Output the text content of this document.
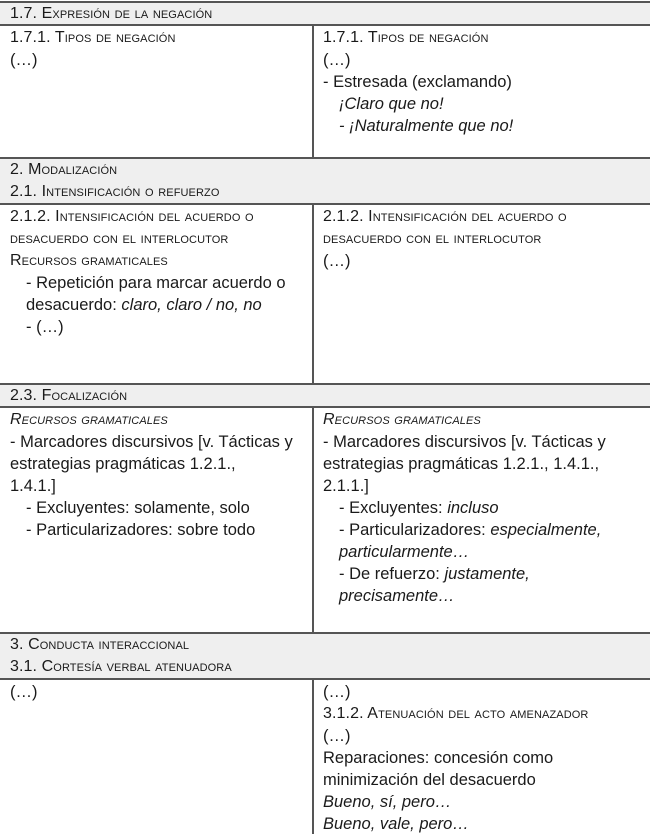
1.7. Expresión de la negación
1.7.1. Tipos de negación
(…)
1.7.1. Tipos de negación
(…)
- Estresada (exclamando)
¡Claro que no!
- ¡Naturalmente que no!
2. Modalización
2.1. Intensificación o refuerzo
2.1.2. Intensificación del acuerdo o
desacuerdo con el interlocutor
Recursos gramaticales
- Repetición para marcar acuerdo o
desacuerdo: claro, claro / no, no
- (…)
2.1.2. Intensificación del acuerdo o
desacuerdo con el interlocutor
(…)
2.3. Focalización
Recursos gramaticales
- Marcadores discursivos [v. Tácticas y
estrategias pragmáticas 1.2.1.,
1.4.1.]
- Excluyentes: solamente, solo
- Particularizadores: sobre todo
Recursos gramaticales
- Marcadores discursivos [v. Tácticas y
estrategias pragmáticas 1.2.1., 1.4.1.,
2.1.1.]
- Excluyentes: incluso
- Particularizadores: especialmente,
particularmente…
- De refuerzo: justamente,
precisamente…
3. Conducta interaccional
3.1. Cortesía verbal atenuadora
(…)	(…)
3.1.2. Atenuación del acto amenazador
(…)
Reparaciones: concesión como
minimización del desacuerdo
Bueno, sí, pero…
Bueno, vale, pero…
